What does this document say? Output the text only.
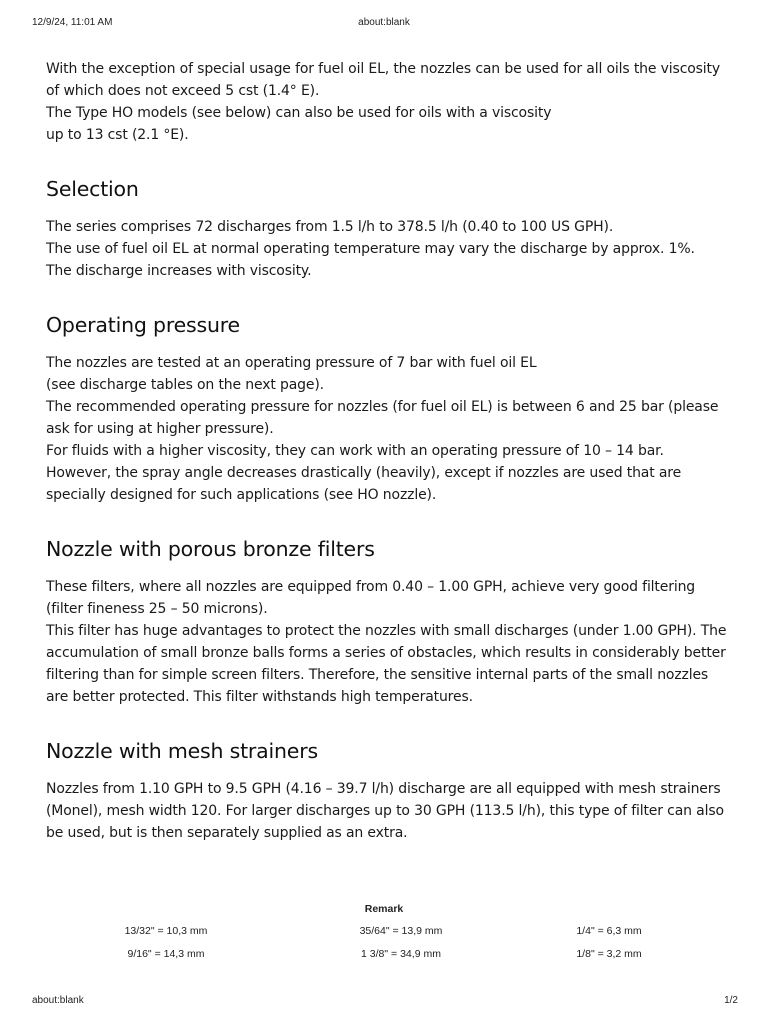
12/9/24, 11:01 AM	about:blank

With the exception of special usage for fuel oil EL, the nozzles can be used for all oils the viscosity of which does not exceed 5 cst (1.4° E).

The Type HO models (see below) can also be used for oils with a viscosity

up to 13 cst (2.1 °E).

Selection

The series comprises 72 discharges from 1.5 l/h to 378.5 l/h (0.40 to 100 US GPH).

The use of fuel oil EL at normal operating temperature may vary the discharge by approx. 1%.

The discharge increases with viscosity.

Operating pressure

The nozzles are tested at an operating pressure of 7 bar with fuel oil EL

(see discharge tables on the next page).

The recommended operating pressure for nozzles (for fuel oil EL) is between 6 and 25 bar (please ask for using at higher pressure).

For fluids with a higher viscosity, they can work with an operating pressure of 10 – 14 bar. However, the spray angle decreases drastically (heavily), except if nozzles are used that are specially designed for such applications (see HO nozzle).

Nozzle with porous bronze filters

These filters, where all nozzles are equipped from 0.40 – 1.00 GPH, achieve very good filtering (filter fineness 25 – 50 microns).

This filter has huge advantages to protect the nozzles with small discharges (under 1.00 GPH). The accumulation of small bronze balls forms a series of obstacles, which results in considerably better filtering than for simple screen filters. Therefore, the sensitive internal parts of the small nozzles are better protected. This filter withstands high temperatures.

Nozzle with mesh strainers

Nozzles from 1.10 GPH to 9.5 GPH (4.16 – 39.7 l/h) discharge are all equipped with mesh strainers (Monel), mesh width 120. For larger discharges up to 30 GPH (113.5 l/h), this type of filter can also be used, but is then separately supplied as an extra.

Remark
13/32" = 10,3 mm	35/64" = 13,9 mm	1/4" = 6,3 mm
9/16" = 14,3 mm	1 3/8" = 34,9 mm	1/8" = 3,2 mm
about:blank	1/2
